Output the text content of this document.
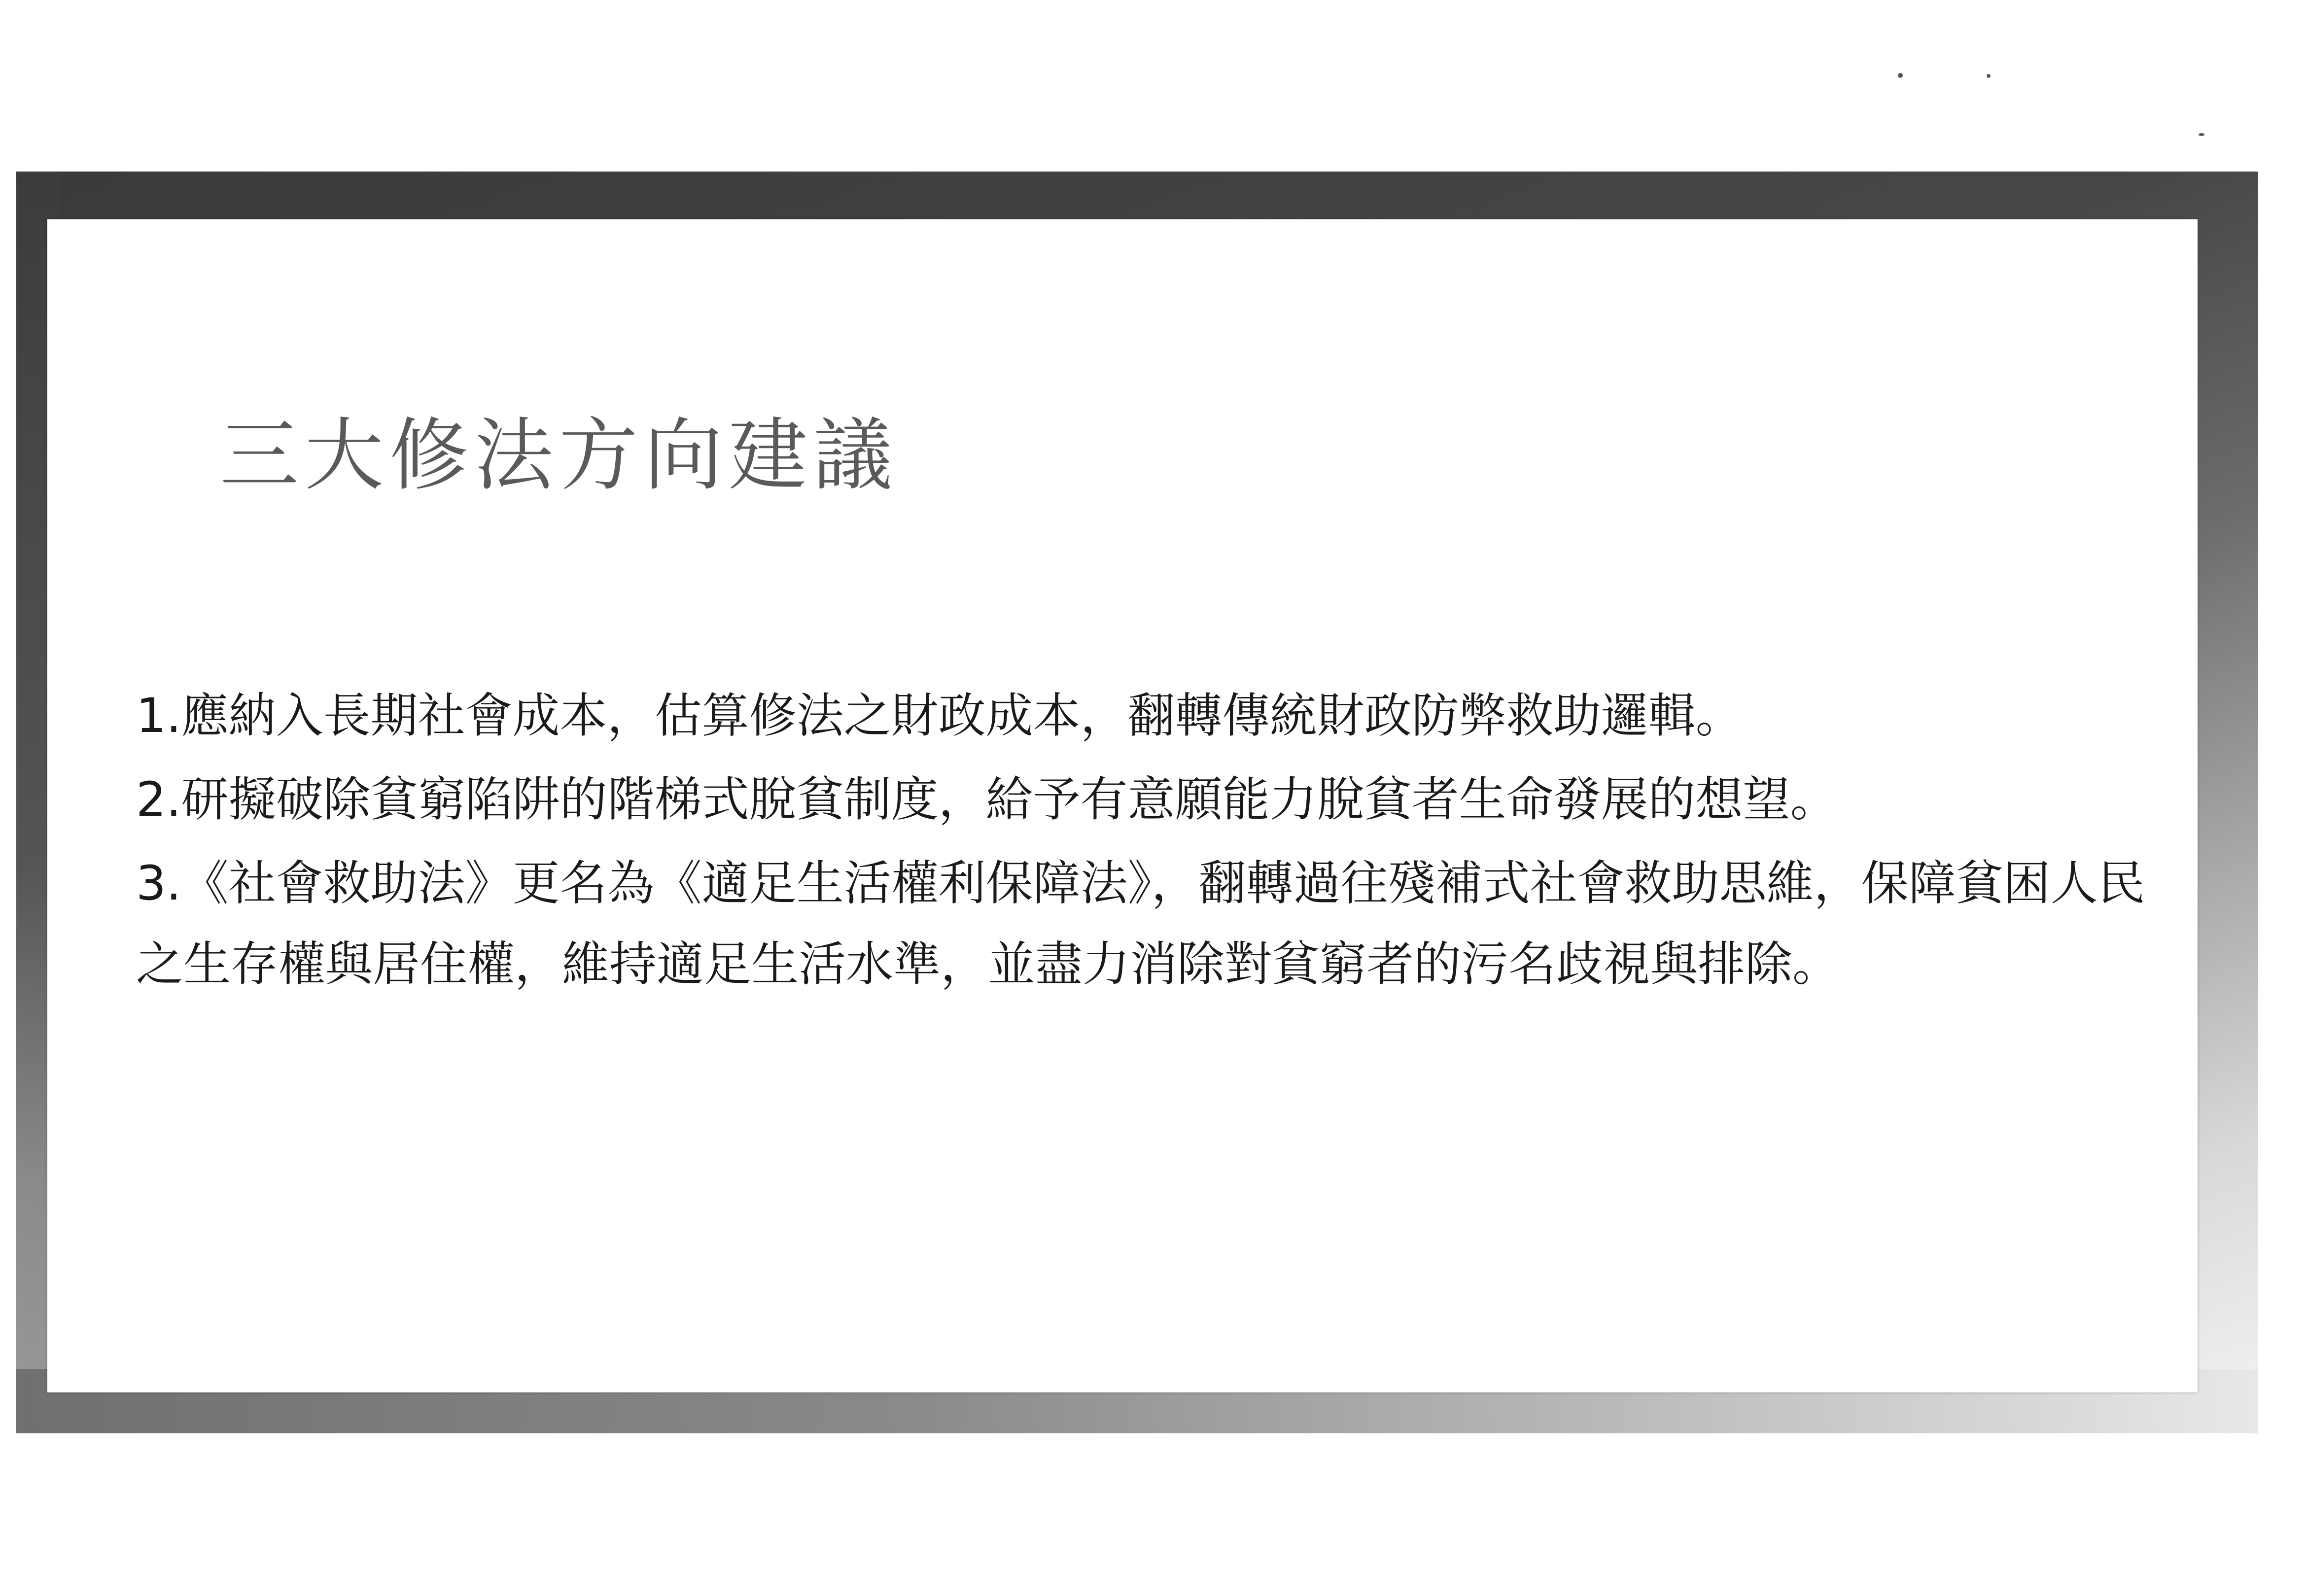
三大修法方向建議
1.應納入長期社會成本，估算修法之財政成本，翻轉傳統財政防弊救助邏輯。
2.研擬破除貧窮陷阱的階梯式脫貧制度，給予有意願能力脫貧者生命發展的想望。
3.《社會救助法》更名為《適足生活權利保障法》，翻轉過往殘補式社會救助思維，保障貧困人民之生存權與居住權，維持適足生活水準，並盡力消除對貧窮者的污名歧視與排除。
